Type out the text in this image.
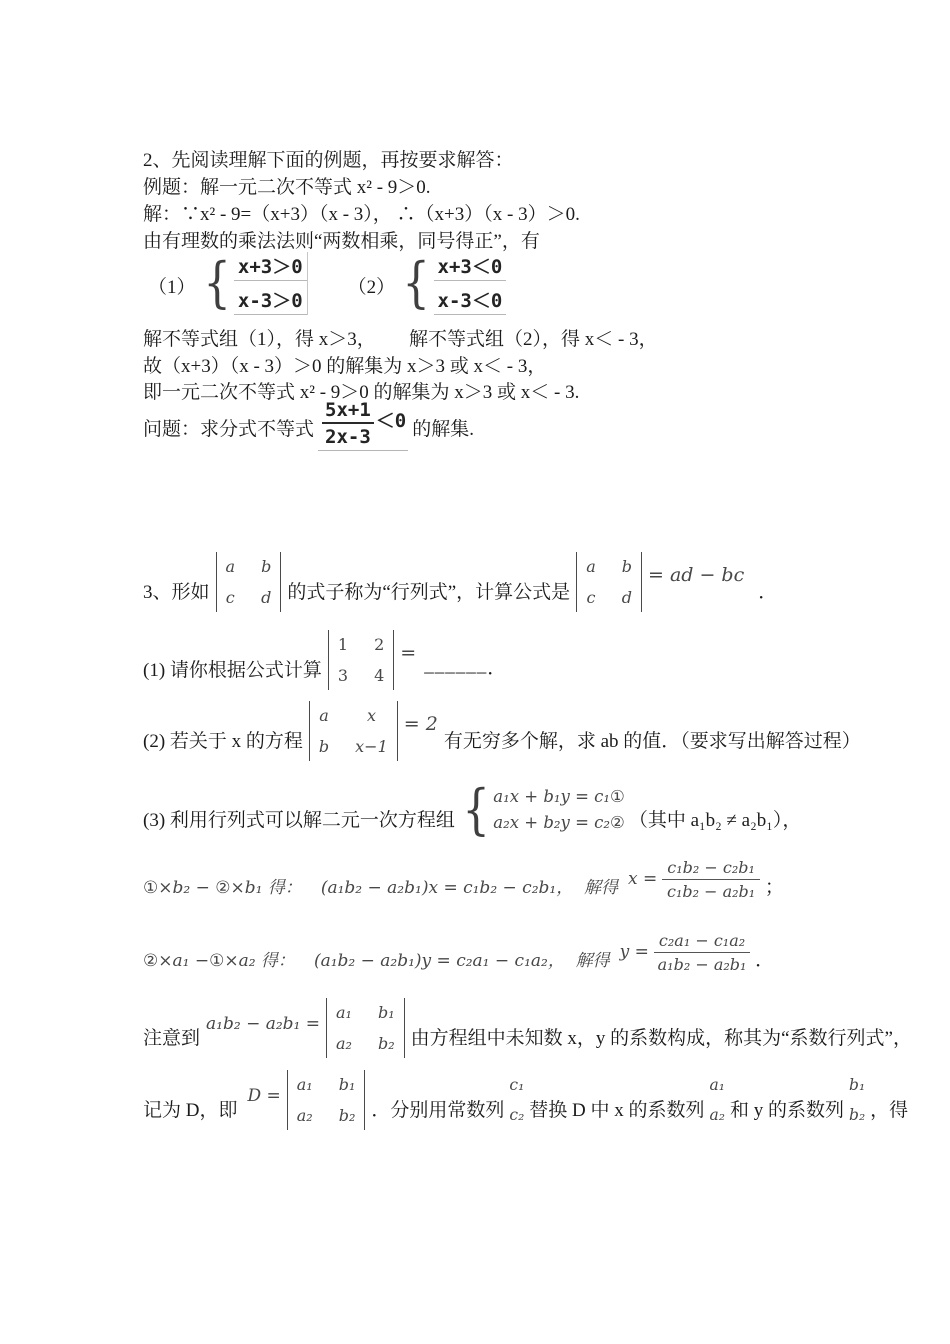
2、先阅读理解下面的例题，再按要求解答：
例题：解一元二次不等式 x² - 9＞0.
解：∵x² - 9=（x+3）（x - 3）， ∴（x+3）（x - 3）＞0.
由有理数的乘法法则“两数相乘，同号得正”，有
（1） { x+3＞0
x-3＞0
（2） { x+3＜0
x-3＜0
解不等式组（1），得 x＞3，　　 解不等式组（2），得 x＜ - 3，
故（x+3）（x - 3）＞0 的解集为 x＞3 或 x＜ - 3，
即一元二次不等式 x² - 9＞0 的解集为 x＞3 或 x＜ - 3.
问题：求分式不等式 $\frac{5x+1}{2x-3} <0$ 的解集.
3、形如
a b
c d 的式子称为“行列式”，计算公式是
a b
c d
= ad − bc
．
(1) 请你根据公式计算
1 2
3 4
=
______ ．
(2) 若关于 x 的方程
a	x
b x−1
= 2
有无穷多个解，求 ab 的值．（要求写出解答过程）
(3) 利用行列式可以解二元一次方程组 { a₁x + b₁y = c₁①
a₂x + b₂y = c₂② （其中 a₁b₂ ≠ a₂b₁），
①×b₂ − ②×b₁ 得：
　 (a₁b₂ − a₂b₁)x = c₁b₂ − c₂b₁，  解得 $x = \frac{\text{c₁b₂ − c₂b₁}}{\text{c₁b₂ − a₂b₁}}$ ；
②×a₁ −①×a₂ 得：
　 (a₁b₂ − a₂b₁)y = c₂a₁ − c₁a₂，  解得 $y = \frac{\text{c₂a₁ − c₁a₂}}{\text{a₁b₂ − a₂b₁}}$ ．
注意到
a₁b₂ − a₂b₁ =
a₁ b₁
a₂ b₂ 由方程组中未知数 x，y 的系数构成，称其为“系数行列式”，
记为 D，即
D =
a₁ b₁
a₂ b₂ ．分别用常数列
c₁
c₂ 替换 D 中 x 的系数列
a₁
a₂ 和 y 的系数列
b₁
b₂ ，得
